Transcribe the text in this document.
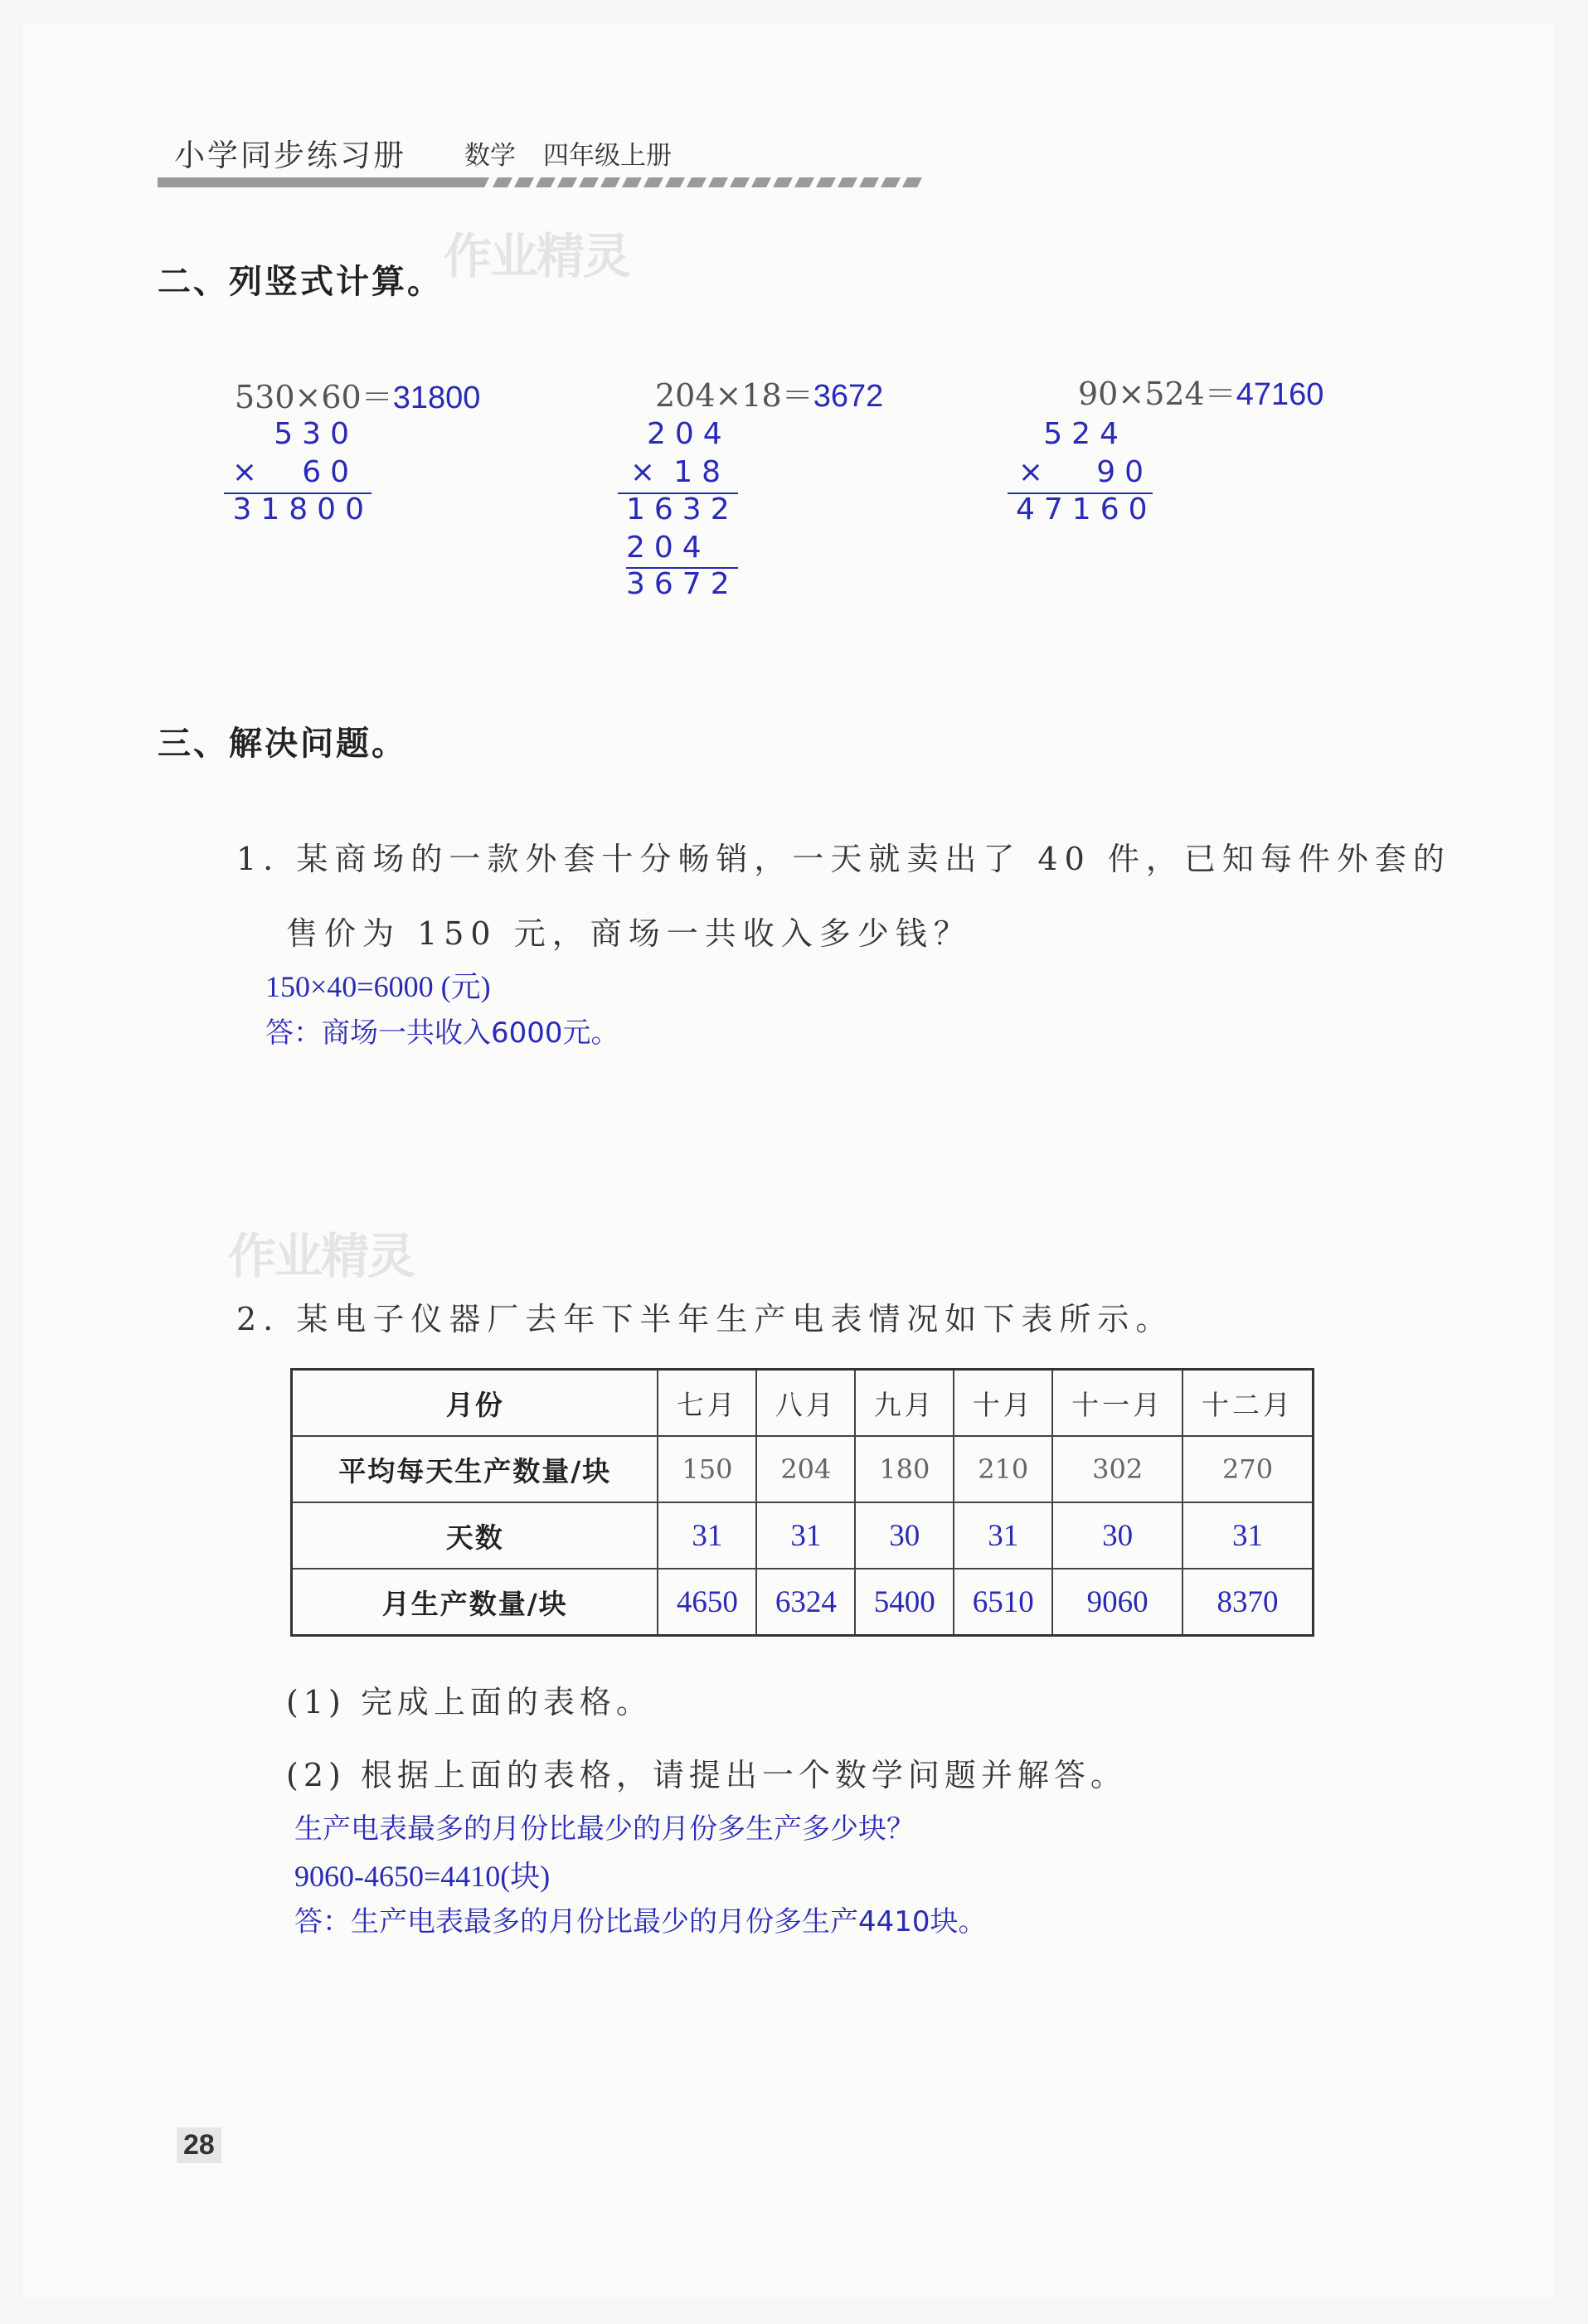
小学同步练习册 数学 四年级上册
二、列竖式计算。 作业精灵
530×60＝31800
530
×	60
31800
204×18＝3672
204
× 18
1632
204
3672
90×524＝47160
524
×	90
47160
三、解决问题。
1. 某商场的一款外套十分畅销，一天就卖出了 40 件，已知每件外套的
售价为 150 元，商场一共收入多少钱？
150×40=6000 (元)
答：商场一共收入6000元。
作业精灵
2. 某电子仪器厂去年下半年生产电表情况如下表所示。
月份	七月	八月	九月	十月	十一月	十二月
平均每天生产数量/块	150	204	180	210	302	270
天数	31	31	30	31	30	31
月生产数量/块	4650	6324	5400	6510	9060	8370
(1) 完成上面的表格。
(2) 根据上面的表格，请提出一个数学问题并解答。
生产电表最多的月份比最少的月份多生产多少块？
9060-4650=4410(块)
答：生产电表最多的月份比最少的月份多生产4410块。
28
